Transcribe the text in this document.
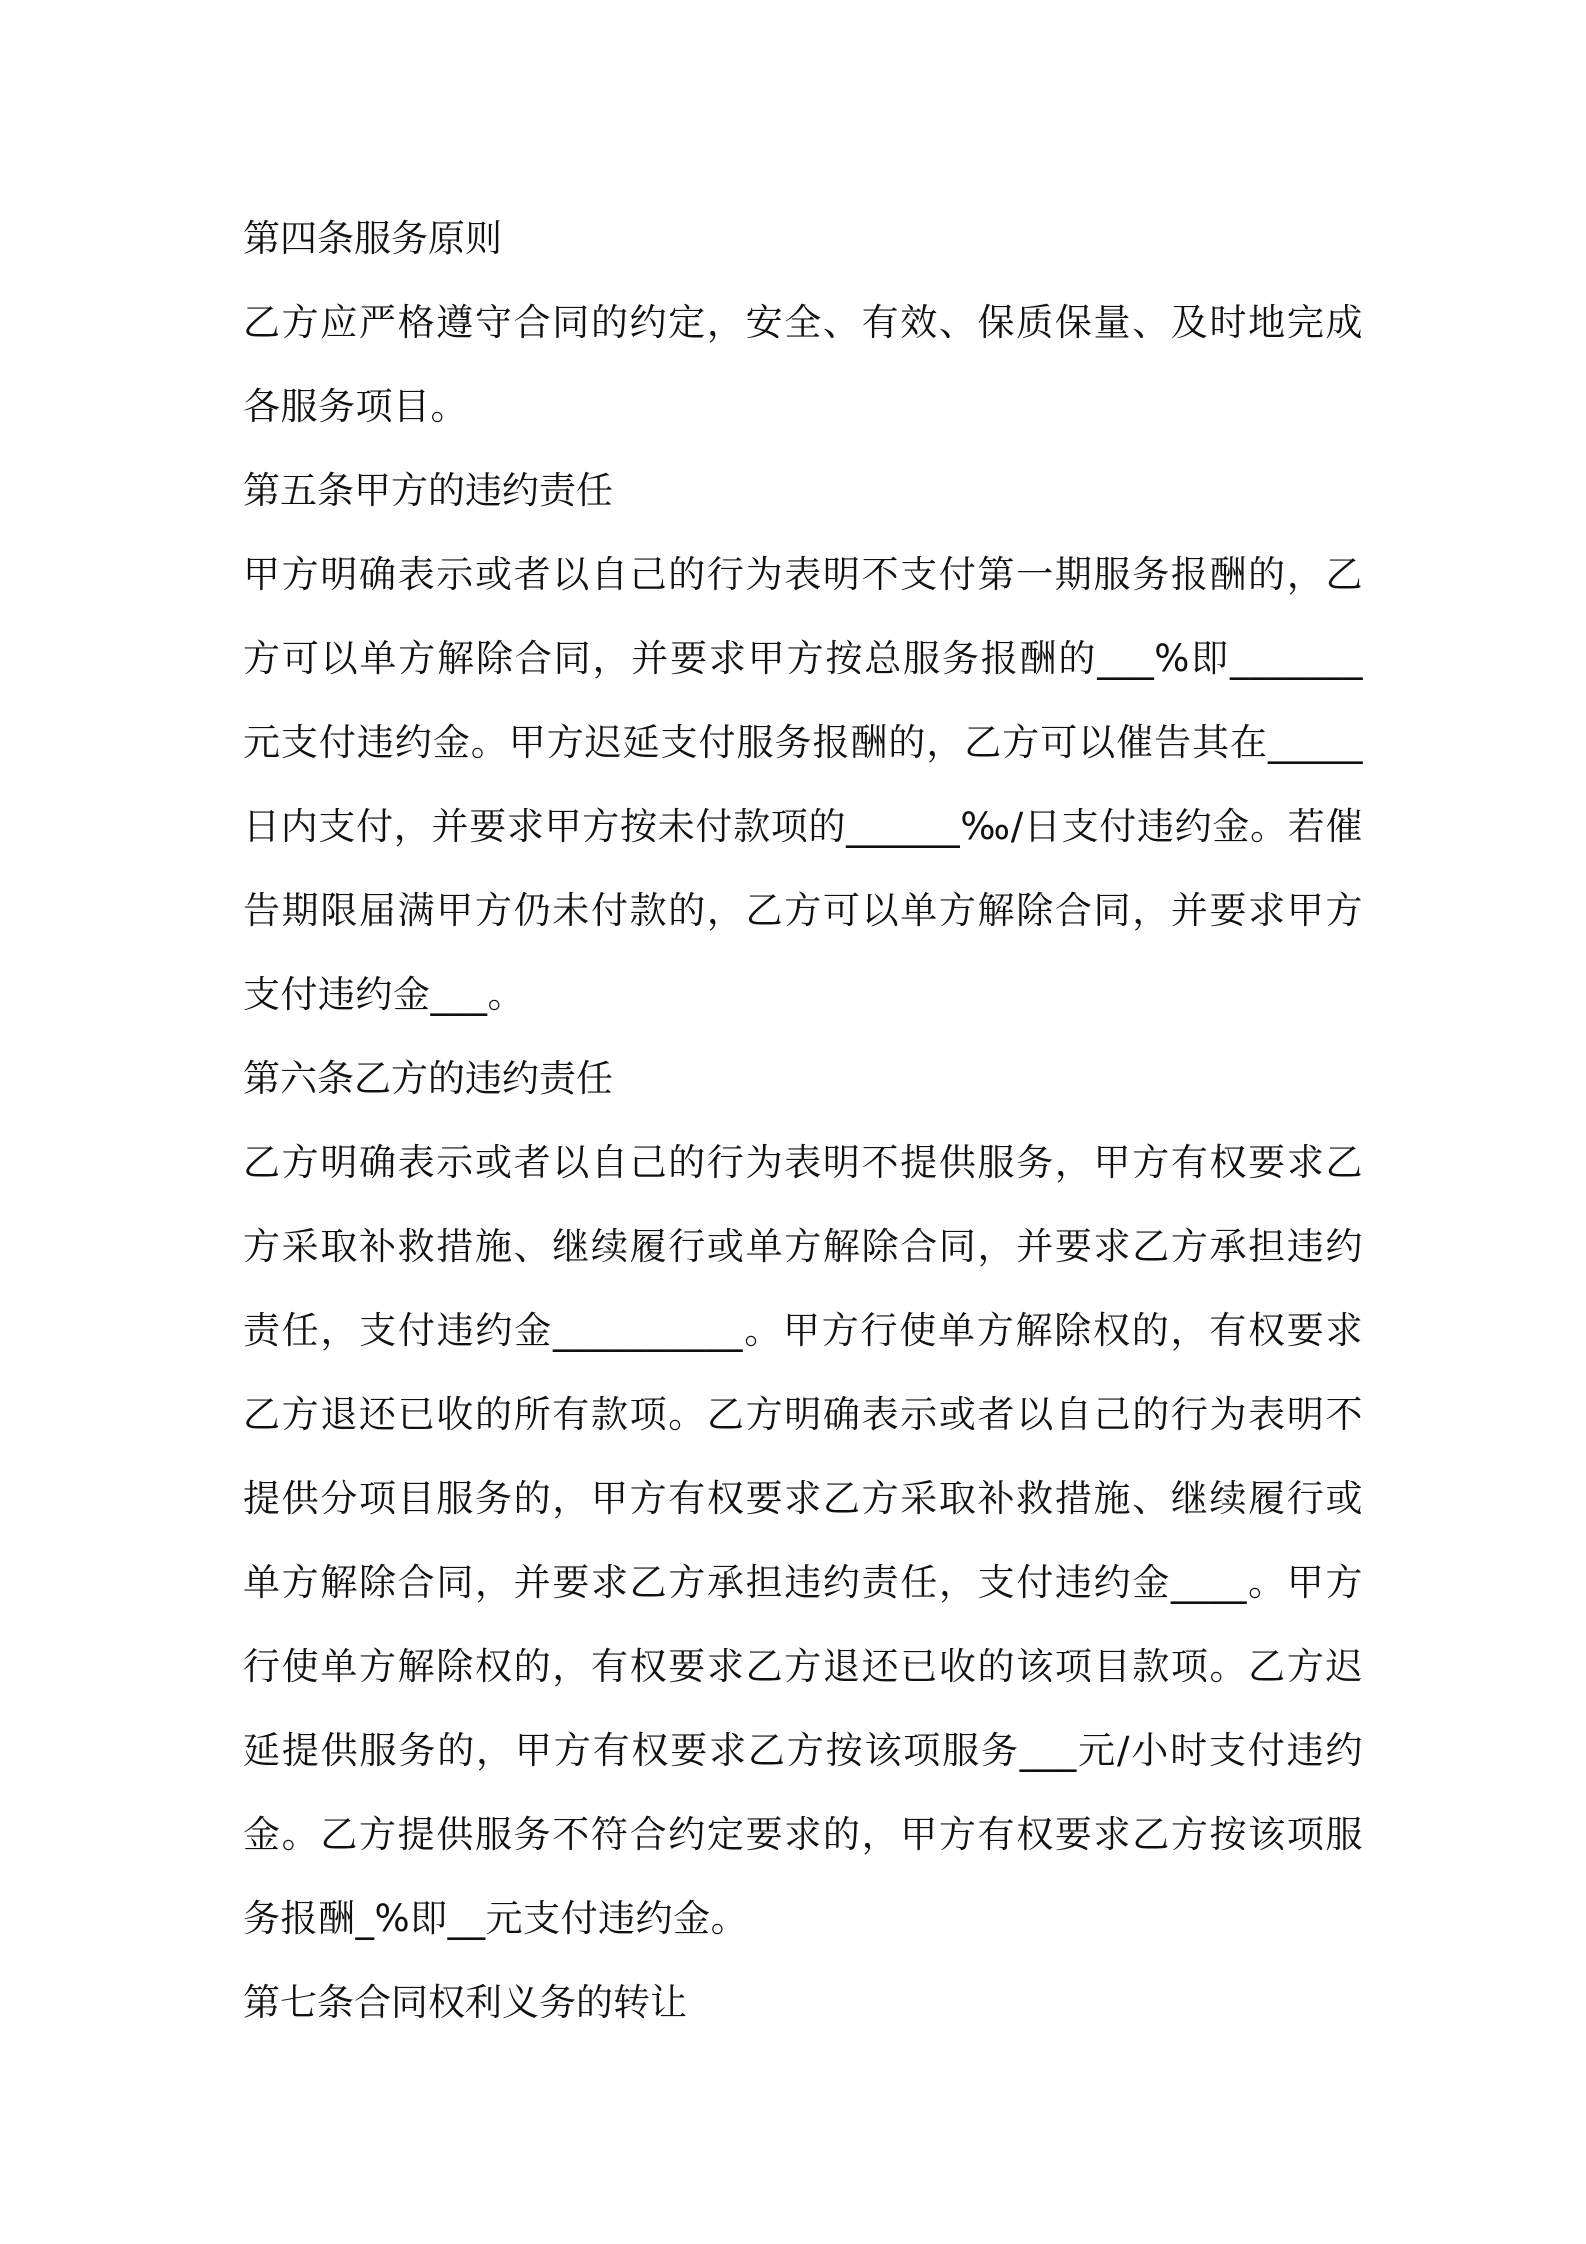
第四条服务原则

乙方应严格遵守合同的约定，安全、有效、保质保量、及时地完成各服务项目。

第五条甲方的违约责任

甲方明确表示或者以自己的行为表明不支付第一期服务报酬的，乙方可以单方解除合同，并要求甲方按总服务报酬的___%即_______元支付违约金。甲方迟延支付服务报酬的，乙方可以催告其在_____日内支付，并要求甲方按未付款项的______‰/日支付违约金。若催告期限届满甲方仍未付款的，乙方可以单方解除合同，并要求甲方支付违约金___。

第六条乙方的违约责任

乙方明确表示或者以自己的行为表明不提供服务，甲方有权要求乙方采取补救措施、继续履行或单方解除合同，并要求乙方承担违约责任，支付违约金__________。甲方行使单方解除权的，有权要求乙方退还已收的所有款项。乙方明确表示或者以自己的行为表明不提供分项目服务的，甲方有权要求乙方采取补救措施、继续履行或单方解除合同，并要求乙方承担违约责任，支付违约金____。甲方行使单方解除权的，有权要求乙方退还已收的该项目款项。乙方迟延提供服务的，甲方有权要求乙方按该项服务___元/小时支付违约金。乙方提供服务不符合约定要求的，甲方有权要求乙方按该项服务报酬_%即__元支付违约金。

第七条合同权利义务的转让
